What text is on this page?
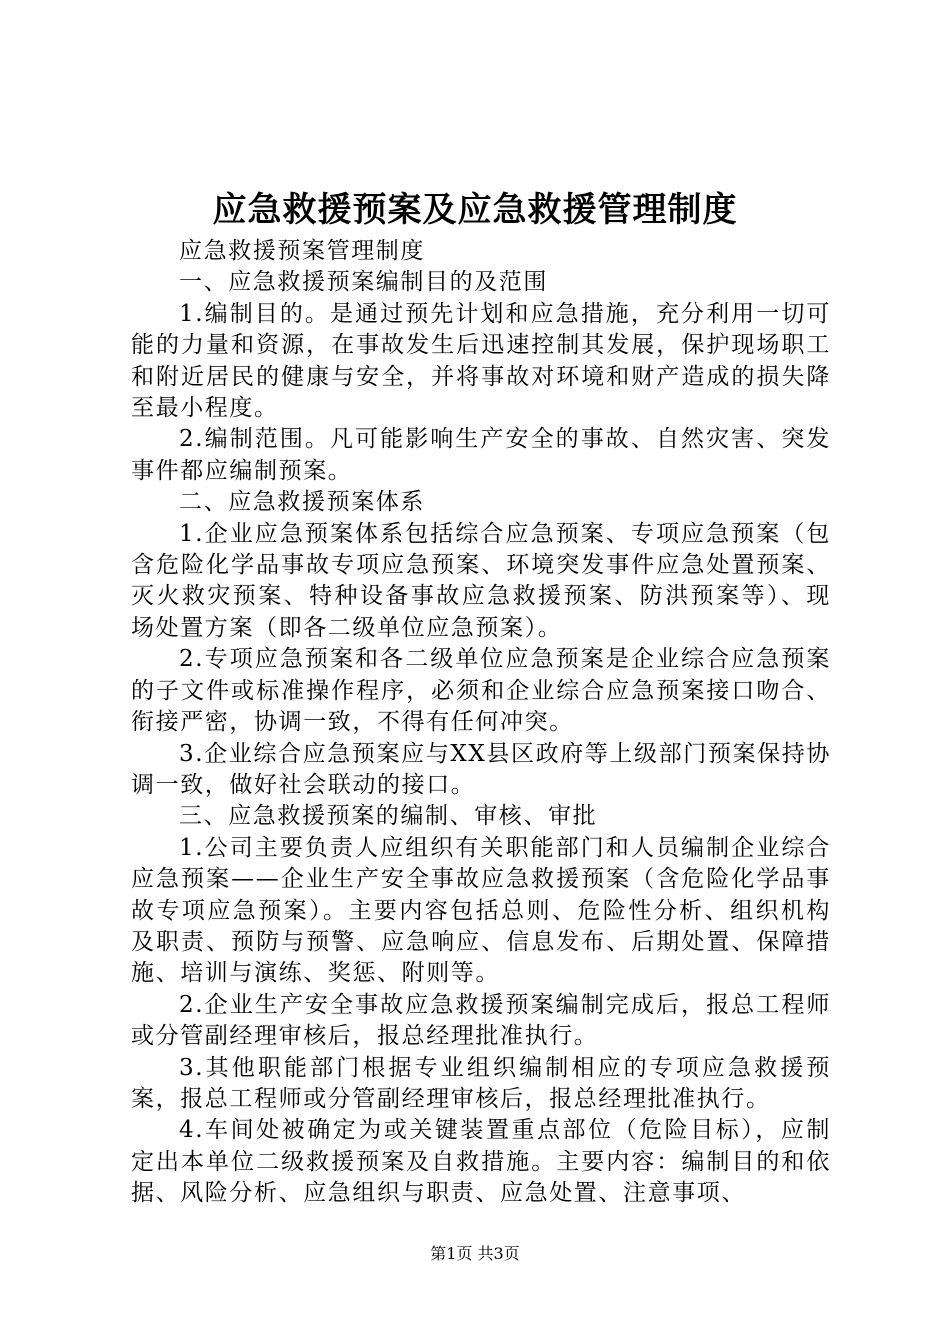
应急救援预案及应急救援管理制度

应急救援预案管理制度

一、应急救援预案编制目的及范围

1.编制目的。是通过预先计划和应急措施，充分利用一切可能的力量和资源，在事故发生后迅速控制其发展，保护现场职工和附近居民的健康与安全，并将事故对环境和财产造成的损失降至最小程度。

2.编制范围。凡可能影响生产安全的事故、自然灾害、突发事件都应编制预案。

二、应急救援预案体系

1.企业应急预案体系包括综合应急预案、专项应急预案（包含危险化学品事故专项应急预案、环境突发事件应急处置预案、灭火救灾预案、特种设备事故应急救援预案、防洪预案等）、现场处置方案（即各二级单位应急预案）。

2.专项应急预案和各二级单位应急预案是企业综合应急预案的子文件或标准操作程序，必须和企业综合应急预案接口吻合、衔接严密，协调一致，不得有任何冲突。

3.企业综合应急预案应与XX县区政府等上级部门预案保持协调一致，做好社会联动的接口。

三、应急救援预案的编制、审核、审批

1.公司主要负责人应组织有关职能部门和人员编制企业综合应急预案——企业生产安全事故应急救援预案（含危险化学品事故专项应急预案）。主要内容包括总则、危险性分析、组织机构及职责、预防与预警、应急响应、信息发布、后期处置、保障措施、培训与演练、奖惩、附则等。

2.企业生产安全事故应急救援预案编制完成后，报总工程师或分管副经理审核后，报总经理批准执行。

3.其他职能部门根据专业组织编制相应的专项应急救援预案，报总工程师或分管副经理审核后，报总经理批准执行。

4.车间处被确定为或关键装置重点部位（危险目标），应制定出本单位二级救援预案及自救措施。主要内容：编制目的和依据、风险分析、应急组织与职责、应急处置、注意事项、

第1页 共3页
